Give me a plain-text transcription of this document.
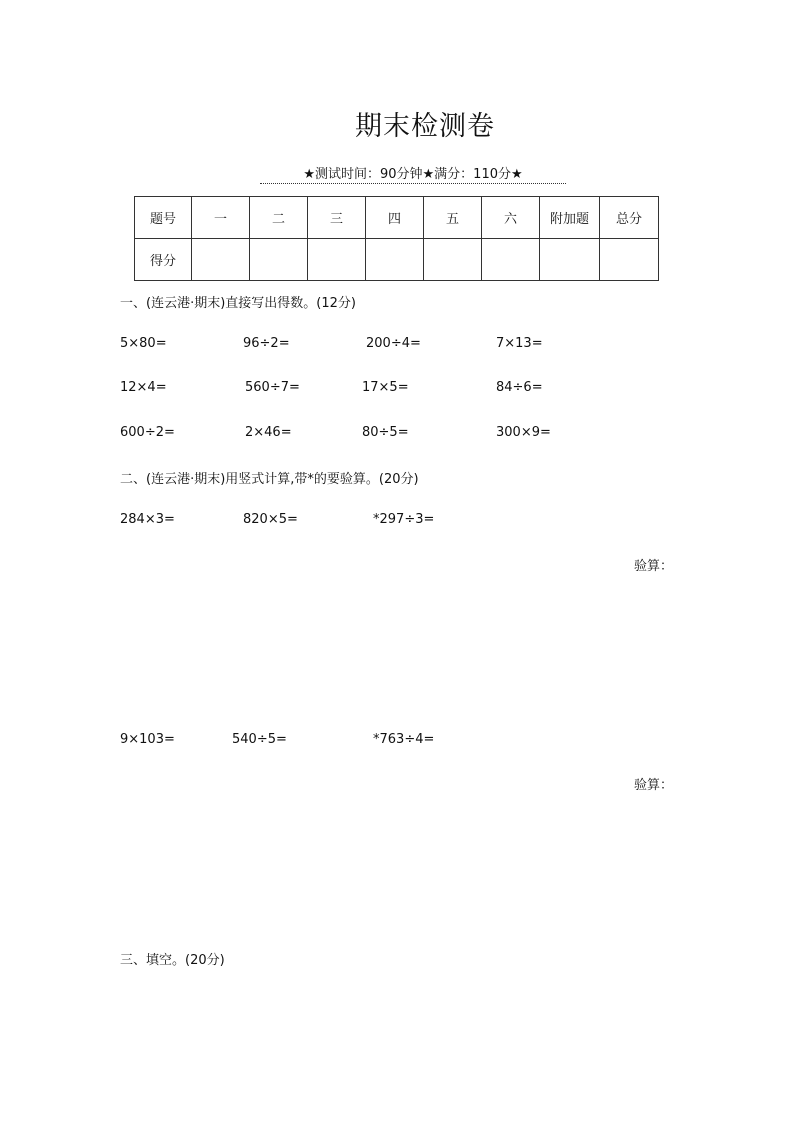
期末检测卷
★测试时间：90分钟★满分：110分★
题号	一	二	三	四	五	六	附加题	总分
得分								
一、(连云港·期末)直接写出得数。(12分)
5×80=	96÷2=	200÷4=	7×13=
12×4=	560÷7=	17×5=	84÷6=
600÷2=	2×46=	80÷5=	300×9=
二、(连云港·期末)用竖式计算,带*的要验算。(20分)
284×3=	820×5=	*297÷3=
验算：
9×103=	540÷5=	*763÷4=
验算：
三、填空。(20分)
